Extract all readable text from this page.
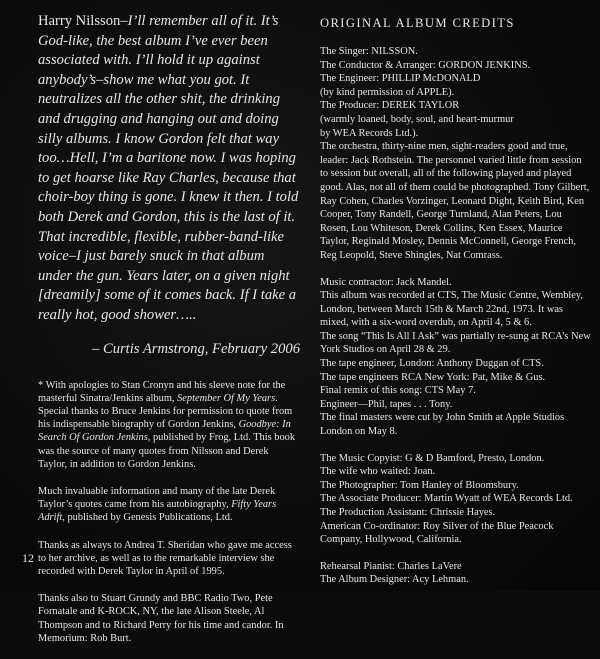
Harry Nilsson–I’ll remember all of it. It’s God-like, the best album I’ve ever been associated with. I’ll hold it up against anybody’s–show me what you got. It neutralizes all the other shit, the drinking and drugging and hanging out and doing silly albums. I know Gordon felt that way too…Hell, I’m a baritone now. I was hoping to get hoarse like Ray Charles, because that choir-boy thing is gone. I knew it then. I told both Derek and Gordon, this is the last of it. That incredible, flexible, rubber-band-like voice–I just barely snuck in that album under the gun. Years later, on a given night [dreamily] some of it comes back. If I take a really hot, good shower…..

– Curtis Armstrong, February 2006

* With apologies to Stan Cronyn and his sleeve note for the masterful Sinatra/Jenkins album, September Of My Years. Special thanks to Bruce Jenkins for permission to quote from his indispensable biography of Gordon Jenkins, Goodbye: In Search Of Gordon Jenkins, published by Frog, Ltd. This book was the source of many quotes from Nilsson and Derek Taylor, in addition to Gordon Jenkins.

Much invaluable information and many of the late Derek Taylor’s quotes came from his autobiography, Fifty Years Adrift, published by Genesis Publications, Ltd.

Thanks as always to Andrea T. Sheridan who gave me access to her archive, as well as to the remarkable interview she recorded with Derek Taylor in April of 1995.

Thanks also to Stuart Grundy and BBC Radio Two, Pete Fornatale and K-ROCK, NY, the late Alison Steele, Al Thompson and to Richard Perry for his time and candor. In Memorium: Rob Burt.

12
ORIGINAL ALBUM CREDITS

The Singer: NILSSON.

The Conductor & Arranger: GORDON JENKINS.

The Engineer: PHILLIP McDONALD

(by kind permission of APPLE).

The Producer: DEREK TAYLOR

(warmly loaned, body, soul, and heart-murmur

by WEA Records Ltd.).

The orchestra, thirty-nine men, sight-readers good and true, leader: Jack Rothstein. The personnel varied little from session to session but overall, all of the following played and played good. Alas, not all of them could be photographed. Tony Gilbert, Ray Cohen, Charles Vorzinger, Leonard Dight, Keith Bird, Ken Cooper, Tony Randell, George Turnland, Alan Peters, Lou Rosen, Lou Whiteson, Derek Collins, Ken Essex, Maurice Taylor, Reginald Mosley, Dennis McConnell, George French, Reg Leopold, Steve Shingles, Nat Comrass.

Music contractor: Jack Mandel.

This album was recorded at CTS, The Music Centre, Wembley, London, between March 15th & March 22nd, 1973. It was mixed, with a six-word overdub, on April 4, 5 & 6.

The song “This Is All I Ask” was partially re-sung at RCA’s New York Studios on April 28 & 29.

The tape engineer, London: Anthony Duggan of CTS.

The tape engineers RCA New York: Pat, Mike & Gus.

Final remix of this song: CTS May 7.

Engineer—Phil, tapes . . . Tony.

The final masters were cut by John Smith at Apple Studios London on May 8.

The Music Copyist: G & D Bamford, Presto, London.

The wife who waited: Joan.

The Photographer: Tom Hanley of Bloomsbury.

The Associate Producer: Martin Wyatt of WEA Records Ltd.

The Production Assistant: Chrissie Hayes.

American Co-ordinator: Roy Silver of the Blue Peacock Company, Hollywood, California.

Rehearsal Pianist: Charles LaVere

The Album Designer: Acy Lehman.
